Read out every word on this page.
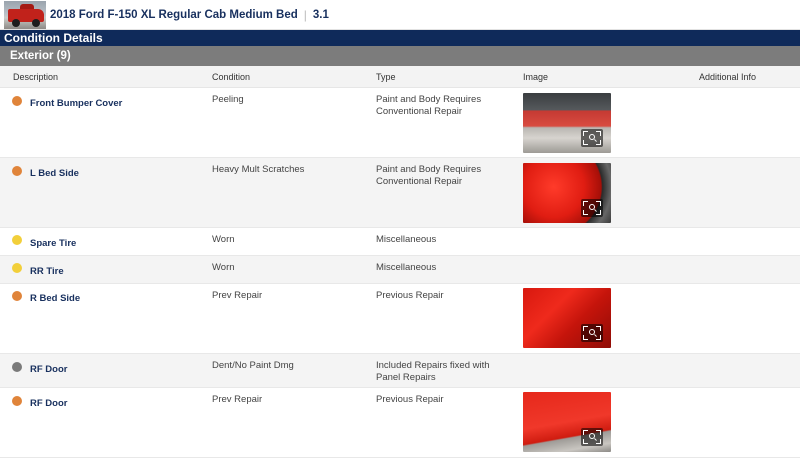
2018 Ford F-150 XL Regular Cab Medium Bed | 3.1
Condition Details
Exterior (9)
Description	Condition	Type	Image	Additional Info
Front Bumper Cover	Peeling	Paint and Body Requires Conventional Repair
L Bed Side	Heavy Mult Scratches	Paint and Body Requires Conventional Repair
Spare Tire	Worn	Miscellaneous
RR Tire	Worn	Miscellaneous
R Bed Side	Prev Repair	Previous Repair
RF Door	Dent/No Paint Dmg	Included Repairs fixed with Panel Repairs
RF Door	Prev Repair	Previous Repair
